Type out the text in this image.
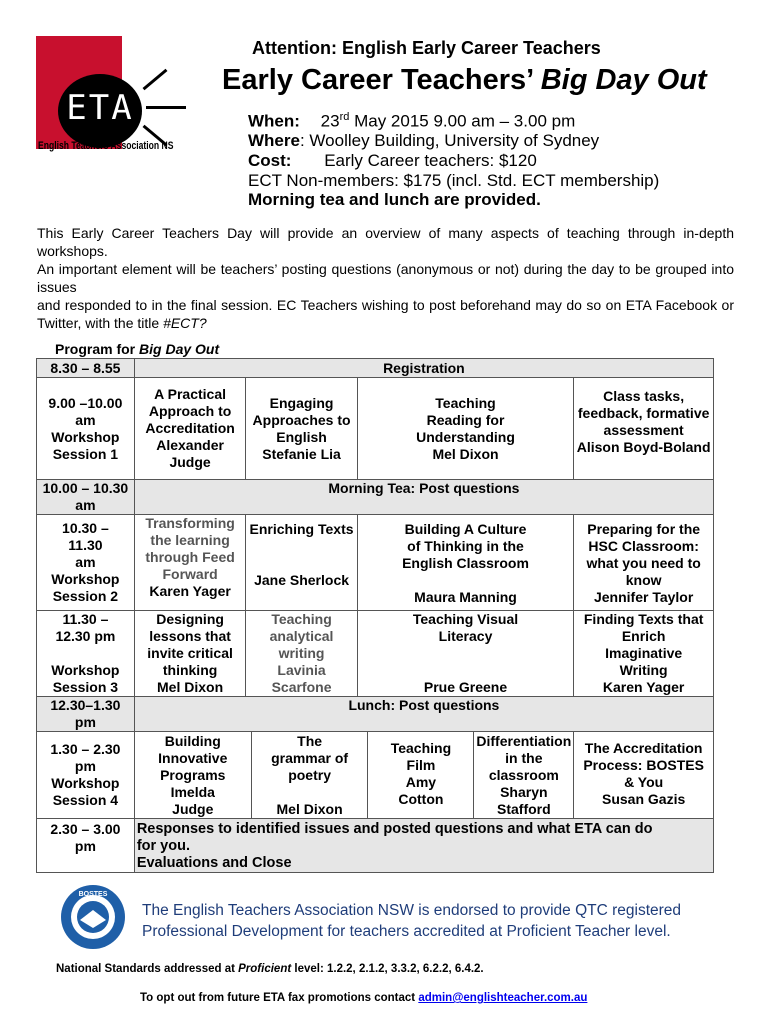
ETA
English Teachers Association NS
Attention: English Early Career Teachers
Early Career Teachers’ Big Day Out
When: 23rd May 2015 9.00 am – 3.00 pm
Where: Woolley Building, University of Sydney
Cost: Early Career teachers: $120
ECT Non-members: $175 (incl. Std. ECT membership)
Morning tea and lunch are provided.

This Early Career Teachers Day will provide an overview of many aspects of teaching through in-depth workshops.

An important element will be teachers’ posting questions (anonymous or not) during the day to be grouped into issues

and responded to in the final session. EC Teachers wishing to post beforehand may do so on ETA Facebook or Twitter, with the title #ECT?

Program for Big Day Out
8.30 – 8.55	Registration						
9.00 –10.00
am
Workshop
Session 1	A Practical
Approach to
Accreditation
Alexander
Judge	Engaging
Approaches to
English
Stefanie Lia		Teaching
Reading for
Understanding
Mel Dixon			Class tasks,
feedback, formative
assessment
Alison Boyd-Boland
10.00 – 10.30
am	Morning Tea: Post questions						
10.30 –
11.30
am
Workshop
Session 2	Transforming
the learning
through Feed
Forward
Karen Yager	Enriching Texts

Jane Sherlock		Building A Culture
of Thinking in the
English Classroom

Maura Manning			Preparing for the
HSC Classroom:
what you need to
know
Jennifer Taylor
11.30 –
12.30 pm

Workshop
Session 3	Designing
lessons that
invite critical
thinking
Mel Dixon	Teaching
analytical
writing
Lavinia
Scarfone		Teaching Visual
Literacy

Prue Greene			Finding Texts that
Enrich
Imaginative
Writing
Karen Yager
12.30–1.30
pm	Lunch: Post questions						
1.30 – 2.30
pm
Workshop
Session 4	Building
Innovative
Programs
Imelda
Judge		The
grammar of
poetry

Mel Dixon		Teaching
Film
Amy
Cotton	Differentiation
in the
classroom
Sharyn
Stafford	The Accreditation
Process: BOSTES
& You
Susan Gazis
2.30 – 3.00
pm	Responses to identified issues and posted questions and what ETA can do
for you.
Evaluations and Close						
BOSTES
The English Teachers Association NSW is endorsed to provide QTC registered
Professional Development for teachers accredited at Proficient Teacher level.
National Standards addressed at Proficient level: 1.2.2, 2.1.2, 3.3.2, 6.2.2, 6.4.2.
To opt out from future ETA fax promotions contact admin@englishteacher.com.au
